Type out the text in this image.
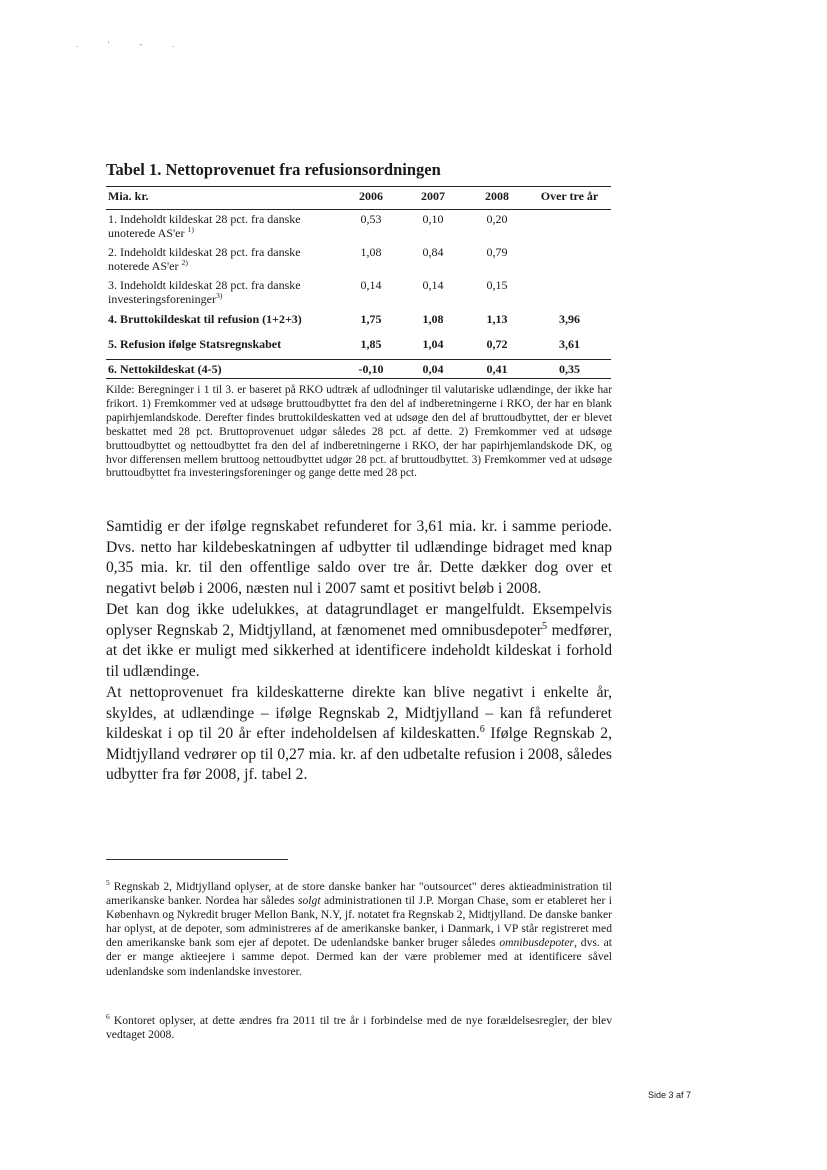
. ' - .
Tabel 1. Nettoprovenuet fra refusionsordningen
Mia. kr.	2006	2007	2008	Over tre år
1. Indeholdt kildeskat 28 pct. fra danske unoterede AS'er $^{1)}$	0,53	0,10	0,20	
2. Indeholdt kildeskat 28 pct. fra danske noterede AS'er $^{2)}$	1,08	0,84	0,79	
3. Indeholdt kildeskat 28 pct. fra danske investeringsforeninger$^{3)}$	0,14	0,14	0,15	
4. Bruttokildeskat til refusion (1+2+3)	1,75	1,08	1,13	3,96
5. Refusion ifølge Statsregnskabet	1,85	1,04	0,72	3,61
6. Nettokildeskat (4-5)	-0,10	0,04	0,41	0,35

Kilde: Beregninger i 1 til 3. er baseret på RKO udtræk af udlodninger til valutariske udlændinge, der ikke har frikort. 1) Fremkommer ved at udsøge bruttoudbyttet fra den del af indberetningerne i RKO, der har en blank papirhjemlandskode. Derefter findes bruttokildeskatten ved at udsøge den del af bruttoudbyttet, der er blevet beskattet med 28 pct. Bruttoprovenuet udgør således 28 pct. af dette. 2) Fremkommer ved at udsøge bruttoudbyttet og nettoudbyttet fra den del af indberetningerne i RKO, der har papirhjemlandskode DK, og hvor differensen mellem bruttoog nettoudbyttet udgør 28 pct. af bruttoudbyttet. 3) Fremkommer ved at udsøge bruttoudbyttet fra investeringsforeninger og gange dette med 28 pct.

Samtidig er der ifølge regnskabet refunderet for 3,61 mia. kr. i samme periode. Dvs. netto har kildebeskatningen af udbytter til udlændinge bidraget med knap 0,35 mia. kr. til den offentlige saldo over tre år. Dette dækker dog over et negativt beløb i 2006, næsten nul i 2007 samt et positivt beløb i 2008.

Det kan dog ikke udelukkes, at datagrundlaget er mangelfuldt. Eksempelvis oplyser Regnskab 2, Midtjylland, at fænomenet med omnibusdepoter$^5$ medfører, at det ikke er muligt med sikkerhed at identificere indeholdt kildeskat i forhold til udlændinge.

At nettoprovenuet fra kildeskatterne direkte kan blive negativt i enkelte år, skyldes, at udlændinge – ifølge Regnskab 2, Midtjylland – kan få refunderet kildeskat i op til 20 år efter indeholdelsen af kildeskatten.$^6$ Ifølge Regnskab 2, Midtjylland vedrører op til 0,27 mia. kr. af den udbetalte refusion i 2008, således udbytter fra før 2008, jf. tabel 2.

$^5$ Regnskab 2, Midtjylland oplyser, at de store danske banker har "outsourcet" deres aktieadministration til amerikanske banker. Nordea har således solgt administrationen til J.P. Morgan Chase, som er etableret her i København og Nykredit bruger Mellon Bank, N.Y, jf. notatet fra Regnskab 2, Midtjylland. De danske banker har oplyst, at de depoter, som administreres af de amerikanske banker, i Danmark, i VP står registreret med den amerikanske bank som ejer af depotet. De udenlandske banker bruger således omnibusdepoter, dvs. at der er mange aktieejere i samme depot. Dermed kan der være problemer med at identificere såvel udenlandske som indenlandske investorer.

$^6$ Kontoret oplyser, at dette ændres fra 2011 til tre år i forbindelse med de nye forældelsesregler, der blev vedtaget 2008.

Side 3 af 7
